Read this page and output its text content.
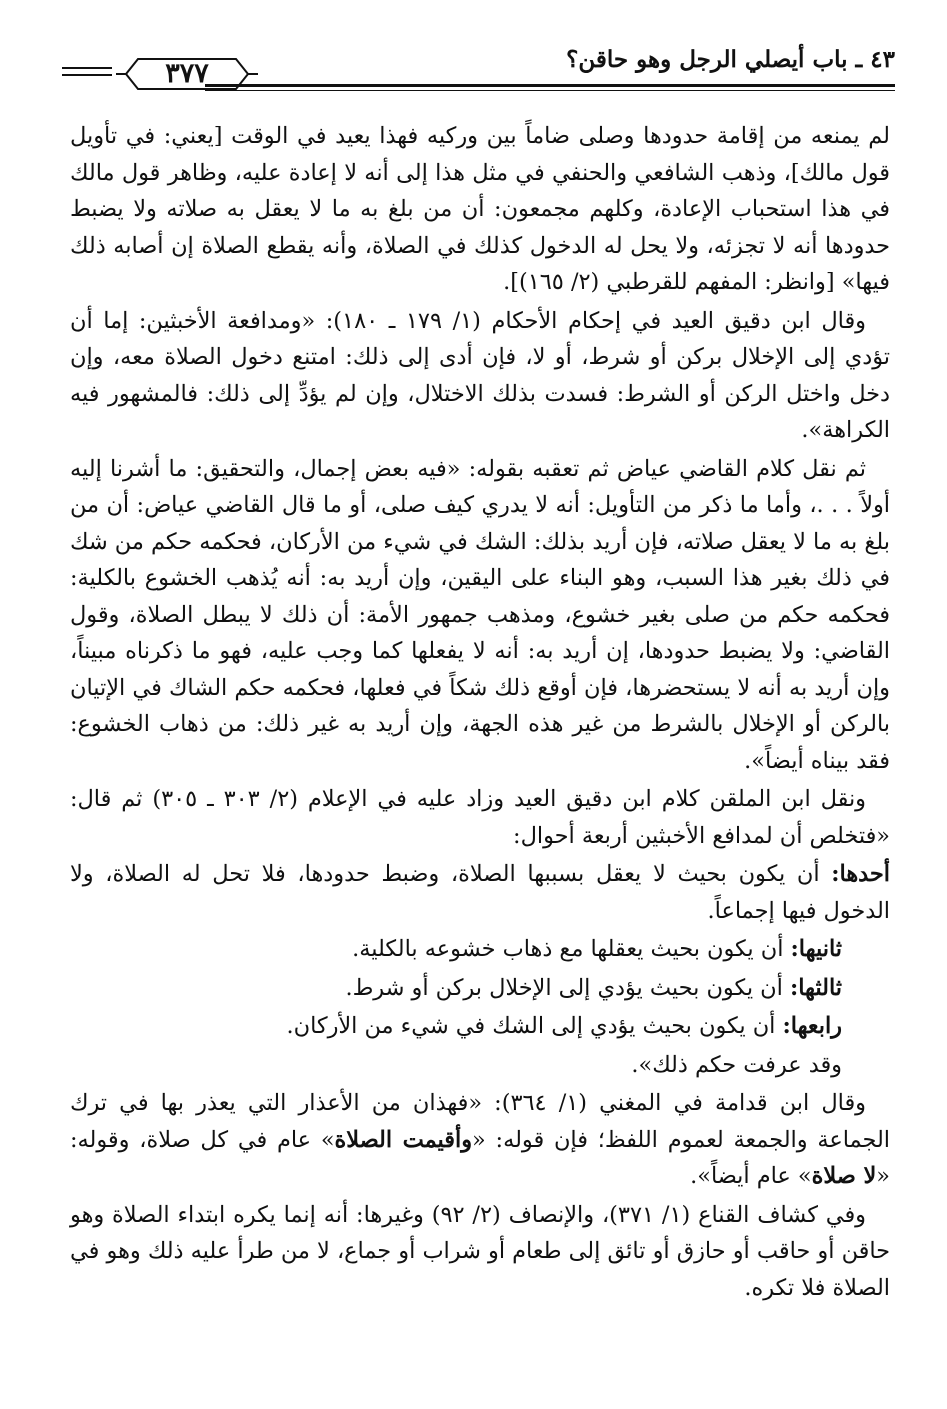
٤٣ ـ باب أيصلي الرجل وهو حاقن؟
٣٧٧

لم يمنعه من إقامة حدودها وصلى ضاماً بين وركيه فهذا يعيد في الوقت [يعني: في تأويل قول مالك]، وذهب الشافعي والحنفي في مثل هذا إلى أنه لا إعادة عليه، وظاهر قول مالك في هذا استحباب الإعادة، وكلهم مجمعون: أن من بلغ به ما لا يعقل به صلاته ولا يضبط حدودها أنه لا تجزئه، ولا يحل له الدخول كذلك في الصلاة، وأنه يقطع الصلاة إن أصابه ذلك فيها» [وانظر: المفهم للقرطبي (٢/ ١٦٥)].

وقال ابن دقيق العيد في إحكام الأحكام (١/ ١٧٩ ـ ١٨٠): «ومدافعة الأخبثين: إما أن تؤدي إلى الإخلال بركن أو شرط، أو لا، فإن أدى إلى ذلك: امتنع دخول الصلاة معه، وإن دخل واختل الركن أو الشرط: فسدت بذلك الاختلال، وإن لم يؤدِّ إلى ذلك: فالمشهور فيه الكراهة».

ثم نقل كلام القاضي عياض ثم تعقبه بقوله: «فيه بعض إجمال، والتحقيق: ما أشرنا إليه أولاً . . .، وأما ما ذكر من التأويل: أنه لا يدري كيف صلى، أو ما قال القاضي عياض: أن من بلغ به ما لا يعقل صلاته، فإن أريد بذلك: الشك في شيء من الأركان، فحكمه حكم من شك في ذلك بغير هذا السبب، وهو البناء على اليقين، وإن أريد به: أنه يُذهب الخشوع بالكلية: فحكمه حكم من صلى بغير خشوع، ومذهب جمهور الأمة: أن ذلك لا يبطل الصلاة، وقول القاضي: ولا يضبط حدودها، إن أريد به: أنه لا يفعلها كما وجب عليه، فهو ما ذكرناه مبيناً، وإن أريد به أنه لا يستحضرها، فإن أوقع ذلك شكاً في فعلها، فحكمه حكم الشاك في الإتيان بالركن أو الإخلال بالشرط من غير هذه الجهة، وإن أريد به غير ذلك: من ذهاب الخشوع: فقد بيناه أيضاً».

ونقل ابن الملقن كلام ابن دقيق العيد وزاد عليه في الإعلام (٢/ ٣٠٣ ـ ٣٠٥) ثم قال: «فتخلص أن لمدافع الأخبثين أربعة أحوال:

أحدها: أن يكون بحيث لا يعقل بسببها الصلاة، وضبط حدودها، فلا تحل له الصلاة، ولا الدخول فيها إجماعاً.

ثانيها: أن يكون بحيث يعقلها مع ذهاب خشوعه بالكلية.

ثالثها: أن يكون بحيث يؤدي إلى الإخلال بركن أو شرط.

رابعها: أن يكون بحيث يؤدي إلى الشك في شيء من الأركان.

وقد عرفت حكم ذلك».

وقال ابن قدامة في المغني (١/ ٣٦٤): «فهذان من الأعذار التي يعذر بها في ترك الجماعة والجمعة لعموم اللفظ؛ فإن قوله: «وأقيمت الصلاة» عام في كل صلاة، وقوله: «لا صلاة» عام أيضاً».

وفي كشاف القناع (١/ ٣٧١)، والإنصاف (٢/ ٩٢) وغيرها: أنه إنما يكره ابتداء الصلاة وهو حاقن أو حاقب أو حازق أو تائق إلى طعام أو شراب أو جماع، لا من طرأ عليه ذلك وهو في الصلاة فلا تكره.
